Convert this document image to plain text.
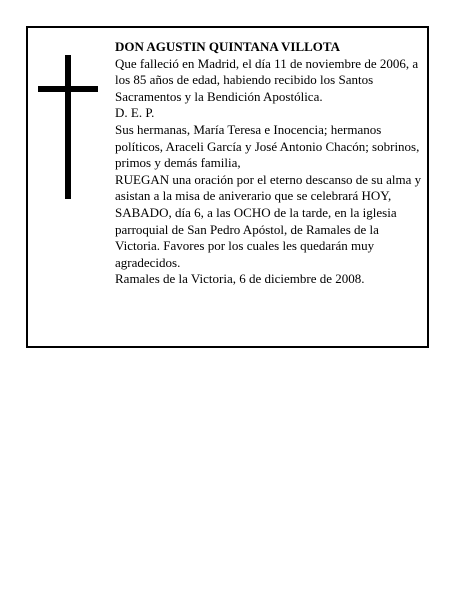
DON AGUSTIN QUINTANA VILLOTA

Que falleció en Madrid, el día 11 de noviembre de 2006, a los 85 años de edad, habiendo recibido los Santos Sacramentos y la Bendición Apostólica.

D. E. P.

Sus hermanas, María Teresa e Inocencia; hermanos políticos, Araceli García y José Antonio Chacón; sobrinos, primos y demás familia,

RUEGAN una oración por el eterno descanso de su alma y asistan a la misa de aniverario que se celebrará HOY, SABADO, día 6, a las OCHO de la tarde, en la iglesia parroquial de San Pedro Apóstol, de Ramales de la Victoria. Favores por los cuales les quedarán muy agradecidos.

Ramales de la Victoria, 6 de diciembre de 2008.
